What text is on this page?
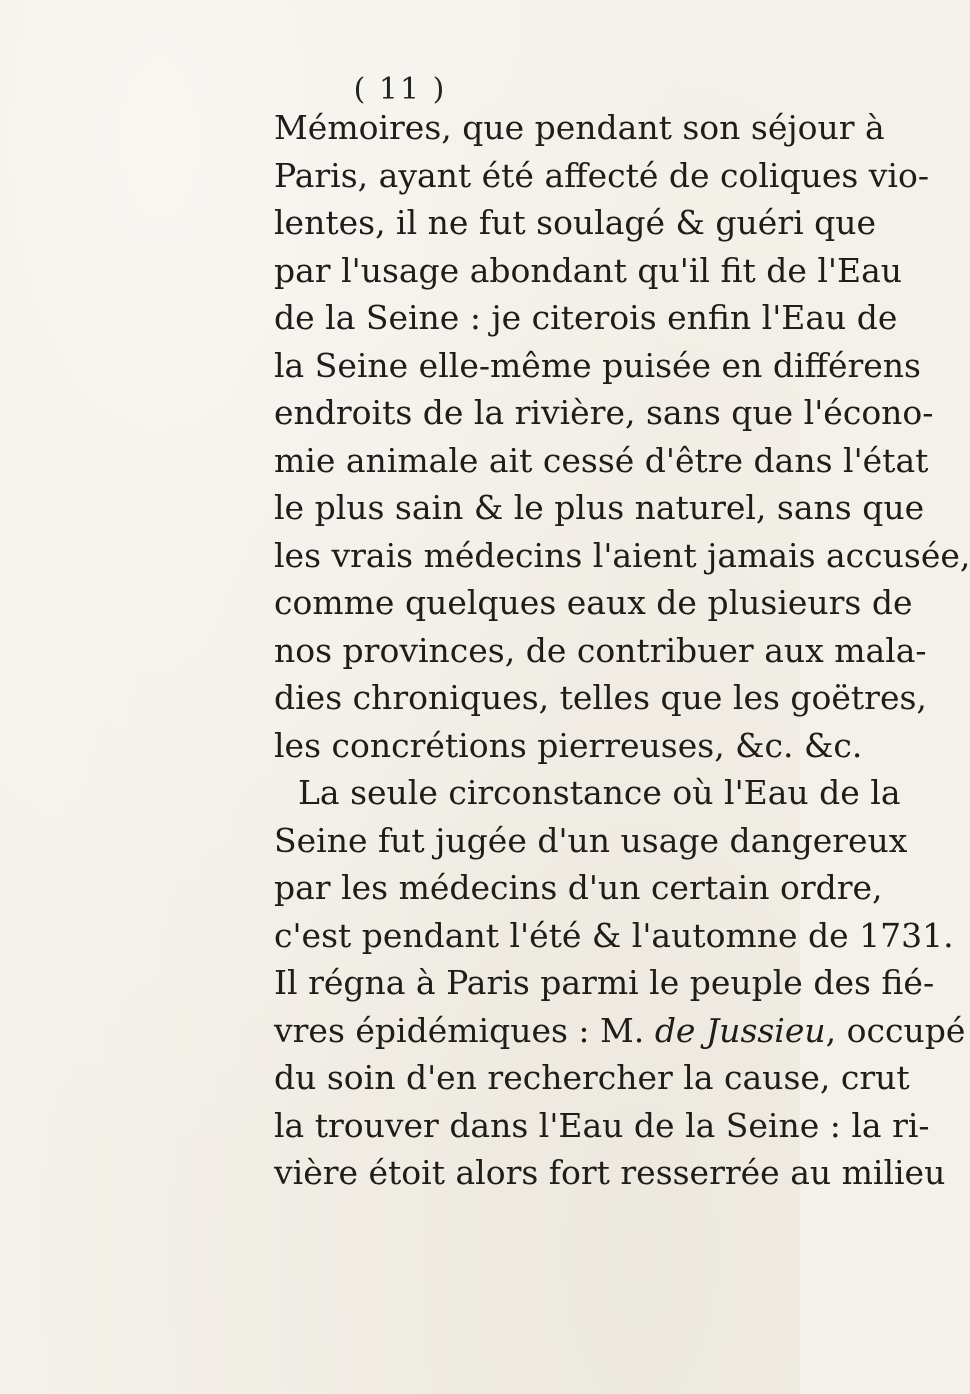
( 11 )
Mémoires, que pendant son séjour à
Paris, ayant été affecté de coliques vio-
lentes, il ne fut soulagé & guéri que
par l'usage abondant qu'il fit de l'Eau
de la Seine : je citerois enfin l'Eau de
la Seine elle-même puisée en différens
endroits de la rivière, sans que l'écono-
mie animale ait cessé d'être dans l'état
le plus sain & le plus naturel, sans que
les vrais médecins l'aient jamais accusée,
comme quelques eaux de plusieurs de
nos provinces, de contribuer aux mala-
dies chroniques, telles que les goëtres,
les concrétions pierreuses, &c. &c.
La seule circonstance où l'Eau de la
Seine fut jugée d'un usage dangereux
par les médecins d'un certain ordre,
c'est pendant l'été & l'automne de 1731.
Il régna à Paris parmi le peuple des fié-
vres épidémiques : M. de Jussieu, occupé
du soin d'en rechercher la cause, crut
la trouver dans l'Eau de la Seine : la ri-
vière étoit alors fort resserrée au milieu
